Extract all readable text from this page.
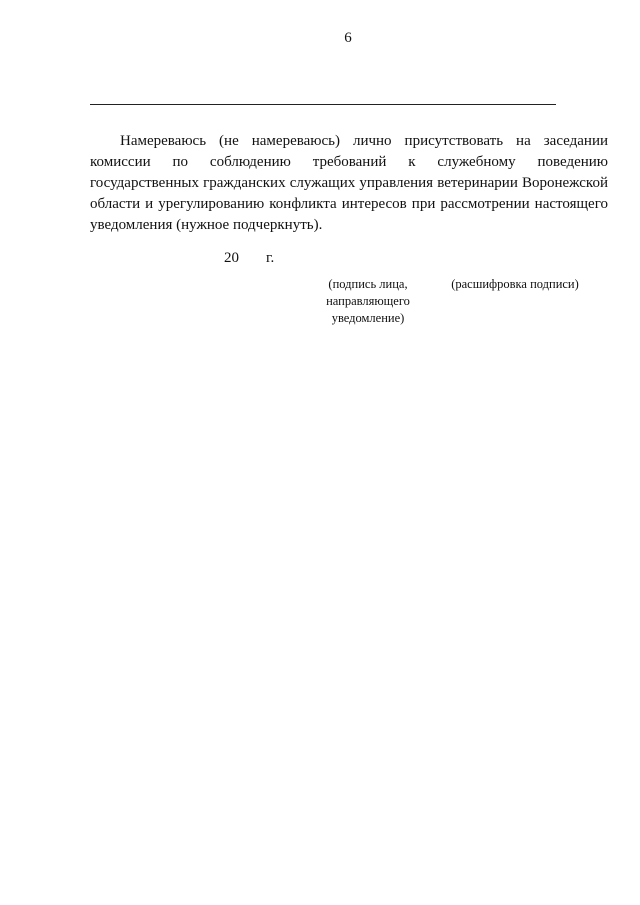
6

Намереваюсь (не намереваюсь) лично присутствовать на заседании комиссии по соблюдению требований к служебному поведению государственных гражданских служащих управления ветеринарии Воронежской области и урегулированию конфликта интересов при рассмотрении настоящего уведомления (нужное подчеркнуть).

20 г.
(подпись лица, направляющего уведомление)
(расшифровка подписи)
